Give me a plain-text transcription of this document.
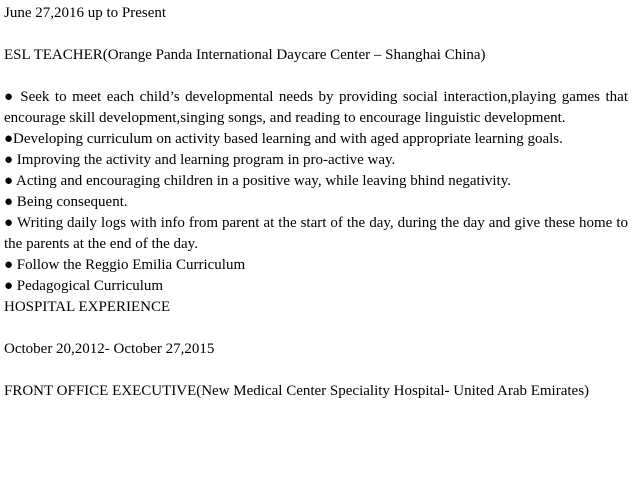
June 27,2016 up to Present

ESL TEACHER(Orange Panda International Daycare Center – Shanghai China)

● Seek to meet each child’s developmental needs by providing social interaction,playing games that encourage skill development,singing songs, and reading to encourage linguistic development.

●Developing curriculum on activity based learning and with aged appropriate learning goals.

● Improving the activity and learning program in pro-active way.

● Acting and encouraging children in a positive way, while leaving bhind negativity.

● Being consequent.

● Writing daily logs with info from parent at the start of the day, during the day and give these home to the parents at the end of the day.

● Follow the Reggio Emilia Curriculum

● Pedagogical Curriculum

HOSPITAL EXPERIENCE

October 20,2012- October 27,2015

FRONT OFFICE EXECUTIVE(New Medical Center Speciality Hospital- United Arab Emirates)
